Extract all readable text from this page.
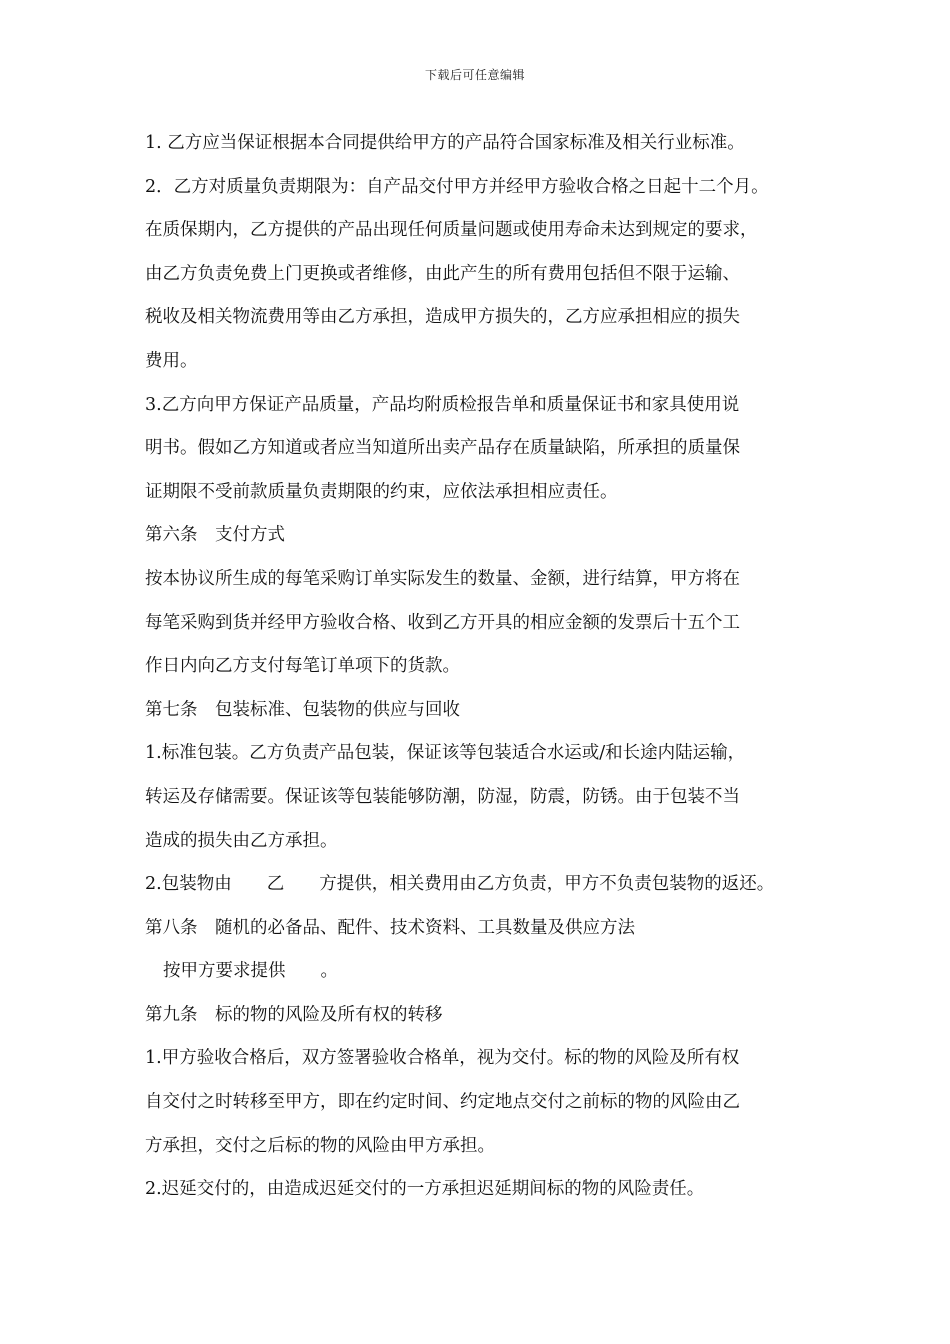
下载后可任意编辑
1. 乙方应当保证根据本合同提供给甲方的产品符合国家标准及相关行业标准。
2．乙方对质量负责期限为：自产品交付甲方并经甲方验收合格之日起十二个月。
在质保期内，乙方提供的产品出现任何质量问题或使用寿命未达到规定的要求，
由乙方负责免费上门更换或者维修，由此产生的所有费用包括但不限于运输、
税收及相关物流费用等由乙方承担，造成甲方损失的，乙方应承担相应的损失
费用。
3.乙方向甲方保证产品质量，产品均附质检报告单和质量保证书和家具使用说
明书。假如乙方知道或者应当知道所出卖产品存在质量缺陷，所承担的质量保
证期限不受前款质量负责期限的约束，应依法承担相应责任。
第六条　支付方式
按本协议所生成的每笔采购订单实际发生的数量、金额，进行结算，甲方将在
每笔采购到货并经甲方验收合格、收到乙方开具的相应金额的发票后十五个工
作日内向乙方支付每笔订单项下的货款。
第七条　包装标准、包装物的供应与回收
1.标准包装。乙方负责产品包装，保证该等包装适合水运或/和长途内陆运输，
转运及存储需要。保证该等包装能够防潮，防湿，防震，防锈。由于包装不当
造成的损失由乙方承担。
2.包装物由　　乙　　方提供，相关费用由乙方负责，甲方不负责包装物的返还。
第八条　随机的必备品、配件、技术资料、工具数量及供应方法
按甲方要求提供　　。
第九条　标的物的风险及所有权的转移
1.甲方验收合格后，双方签署验收合格单，视为交付。标的物的风险及所有权
自交付之时转移至甲方，即在约定时间、约定地点交付之前标的物的风险由乙
方承担，交付之后标的物的风险由甲方承担。
2.迟延交付的，由造成迟延交付的一方承担迟延期间标的物的风险责任。
